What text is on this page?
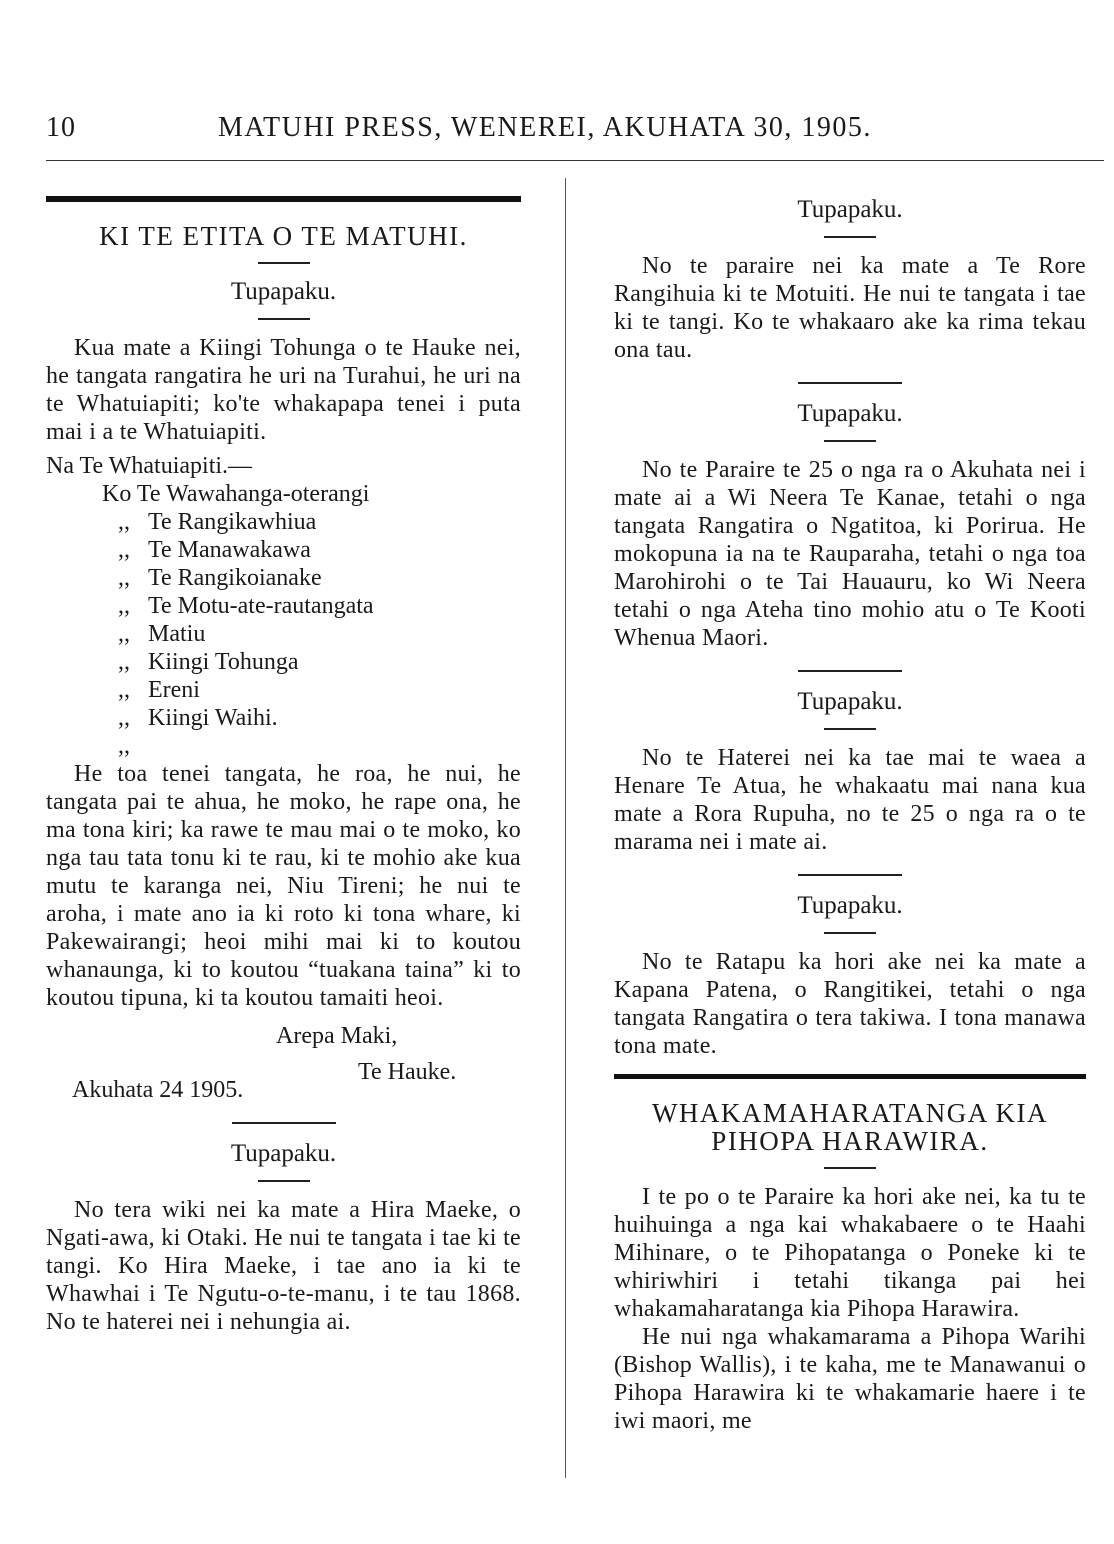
10	MATUHI PRESS, WENEREI, AKUHATA 30, 1905.
KI TE ETITA O TE MATUHI.
Tupapaku.

Kua mate a Kiingi Tohunga o te Hauke nei, he tangata rangatira he uri na Turahui, he uri na te Whatuiapiti; ko'te whakapapa tenei i puta mai i a te Whatuiapiti.

Na Te Whatuiapiti.—
Ko Te Wawahanga-oterangi
,, Te Rangikawhiua
,, Te Manawakawa
,, Te Rangikoianake
,, Te Motu-ate-rautangata
,, Matiu
,, Kiingi Tohunga
,, Ereni
,, Kiingi Waihi.
,,

He toa tenei tangata, he roa, he nui, he tangata pai te ahua, he moko, he rape ona, he ma tona kiri; ka rawe te mau mai o te moko, ko nga tau tata tonu ki te rau, ki te mohio ake kua mutu te karanga nei, Niu Tireni; he nui te aroha, i mate ano ia ki roto ki tona whare, ki Pakewairangi; heoi mihi mai ki to koutou whanaunga, ki to koutou “tuakana taina” ki to koutou tipuna, ki ta koutou tamaiti heoi.

Arepa Maki,
Te Hauke.
Akuhata 24 1905.
Tupapaku.

No tera wiki nei ka mate a Hira Maeke, o Ngati-awa, ki Otaki. He nui te tangata i tae ki te tangi. Ko Hira Maeke, i tae ano ia ki te Whawhai i Te Ngutu-o-te-manu, i te tau 1868. No te haterei nei i nehungia ai.

Tupapaku.

No te paraire nei ka mate a Te Rore Rangihuia ki te Motuiti. He nui te tangata i tae ki te tangi. Ko te whakaaro ake ka rima tekau ona tau.

Tupapaku.

No te Paraire te 25 o nga ra o Akuhata nei i mate ai a Wi Neera Te Kanae, tetahi o nga tangata Rangatira o Ngatitoa, ki Porirua. He mokopuna ia na te Rauparaha, tetahi o nga toa Marohirohi o te Tai Hauauru, ko Wi Neera tetahi o nga Ateha tino mohio atu o Te Kooti Whenua Maori.

Tupapaku.

No te Haterei nei ka tae mai te waea a Henare Te Atua, he whakaatu mai nana kua mate a Rora Rupuha, no te 25 o nga ra o te marama nei i mate ai.

Tupapaku.

No te Ratapu ka hori ake nei ka mate a Kapana Patena, o Rangitikei, tetahi o nga tangata Rangatira o tera takiwa. I tona manawa tona mate.

WHAKAMAHARATANGA KIA
PIHOPA HARAWIRA.

I te po o te Paraire ka hori ake nei, ka tu te huihuinga a nga kai whakabaere o te Haahi Mihinare, o te Pihopatanga o Poneke ki te whiriwhiri i tetahi tikanga pai hei whakamaharatanga kia Pihopa Harawira.

He nui nga whakamarama a Pihopa Warihi (Bishop Wallis), i te kaha, me te Manawanui o Pihopa Harawira ki te whakamarie haere i te iwi maori, me
